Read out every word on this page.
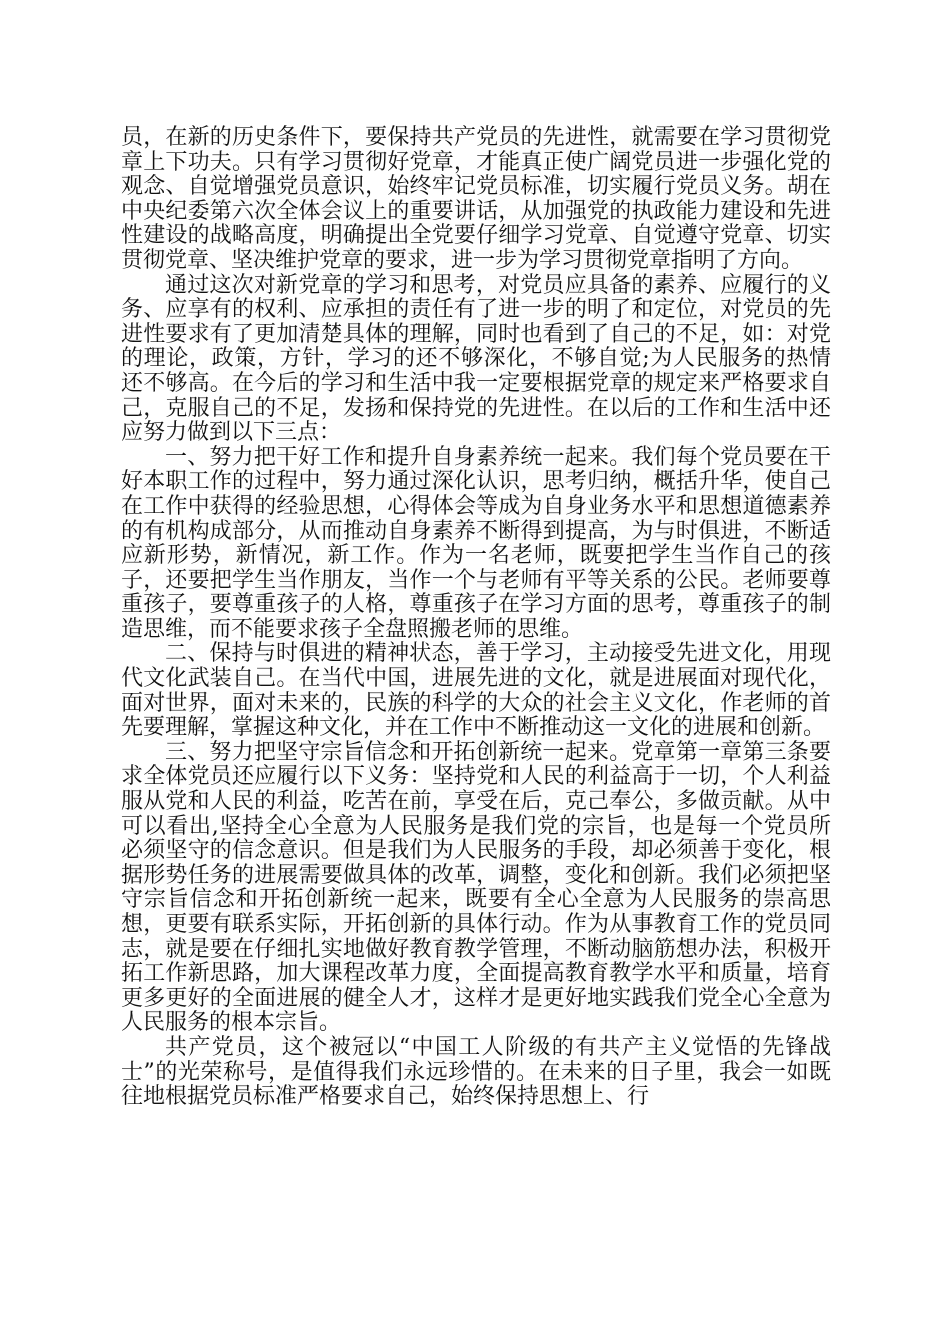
员，在新的历史条件下，要保持共产党员的先进性，就需要在学习贯彻党章上下功夫。只有学习贯彻好党章，才能真正使广阔党员进一步强化党的观念、自觉增强党员意识，始终牢记党员标准，切实履行党员义务。胡在中央纪委第六次全体会议上的重要讲话，从加强党的执政能力建设和先进性建设的战略高度，明确提出全党要仔细学习党章、自觉遵守党章、切实贯彻党章、坚决维护党章的要求，进一步为学习贯彻党章指明了方向。

通过这次对新党章的学习和思考，对党员应具备的素养、应履行的义务、应享有的权利、应承担的责任有了进一步的明了和定位，对党员的先进性要求有了更加清楚具体的理解，同时也看到了自己的不足，如：对党的理论，政策，方针，学习的还不够深化，不够自觉;为人民服务的热情还不够高。在今后的学习和生活中我一定要根据党章的规定来严格要求自己，克服自己的不足，发扬和保持党的先进性。在以后的工作和生活中还应努力做到以下三点：

一、努力把干好工作和提升自身素养统一起来。我们每个党员要在干好本职工作的过程中，努力通过深化认识，思考归纳，概括升华，使自己在工作中获得的经验思想，心得体会等成为自身业务水平和思想道德素养的有机构成部分，从而推动自身素养不断得到提高，为与时俱进，不断适应新形势，新情况，新工作。作为一名老师，既要把学生当作自己的孩子，还要把学生当作朋友，当作一个与老师有平等关系的公民。老师要尊重孩子，要尊重孩子的人格，尊重孩子在学习方面的思考，尊重孩子的制造思维，而不能要求孩子全盘照搬老师的思维。

二、保持与时俱进的精神状态，善于学习，主动接受先进文化，用现代文化武装自己。在当代中国，进展先进的文化，就是进展面对现代化，面对世界，面对未来的，民族的科学的大众的社会主义文化，作老师的首先要理解，掌握这种文化，并在工作中不断推动这一文化的进展和创新。

三、努力把坚守宗旨信念和开拓创新统一起来。党章第一章第三条要求全体党员还应履行以下义务：坚持党和人民的利益高于一切，个人利益服从党和人民的利益，吃苦在前，享受在后，克己奉公，多做贡献。从中可以看出,坚持全心全意为人民服务是我们党的宗旨，也是每一个党员所必须坚守的信念意识。但是我们为人民服务的手段，却必须善于变化，根据形势任务的进展需要做具体的改革，调整，变化和创新。我们必须把坚守宗旨信念和开拓创新统一起来，既要有全心全意为人民服务的崇高思想，更要有联系实际，开拓创新的具体行动。作为从事教育工作的党员同志，就是要在仔细扎实地做好教育教学管理，不断动脑筋想办法，积极开拓工作新思路，加大课程改革力度，全面提高教育教学水平和质量，培育更多更好的全面进展的健全人才，这样才是更好地实践我们党全心全意为人民服务的根本宗旨。

共产党员，这个被冠以“中国工人阶级的有共产主义觉悟的先锋战士”的光荣称号，是值得我们永远珍惜的。在未来的日子里，我会一如既往地根据党员标准严格要求自己，始终保持思想上、行
